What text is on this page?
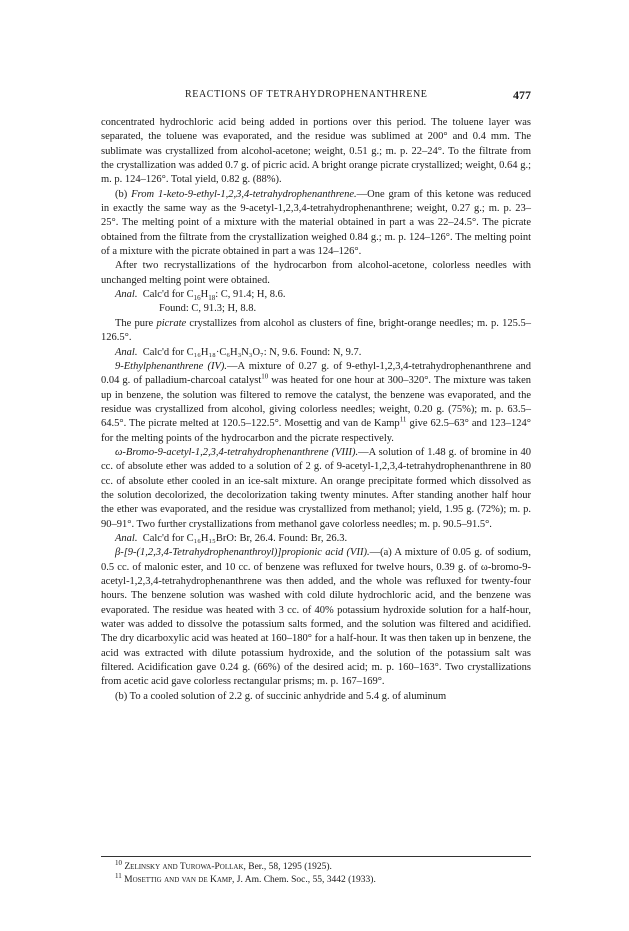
REACTIONS OF TETRAHYDROPHENANTHRENE	477

concentrated hydrochloric acid being added in portions over this period. The toluene layer was separated, the toluene was evaporated, and the residue was sublimed at 200° and 0.4 mm. The sublimate was crystallized from alcohol-acetone; weight, 0.51 g.; m. p. 22–24°. To the filtrate from the crystallization was added 0.7 g. of picric acid. A bright orange picrate crystallized; weight, 0.64 g.; m. p. 124–126°. Total yield, 0.82 g. (88%).

(b) From 1-keto-9-ethyl-1,2,3,4-tetrahydrophenanthrene.—One gram of this ketone was reduced in exactly the same way as the 9-acetyl-1,2,3,4-tetrahydrophenanthrene; weight, 0.27 g.; m. p. 23–25°. The melting point of a mixture with the material obtained in part a was 22–24.5°. The picrate obtained from the filtrate from the crystallization weighed 0.84 g.; m. p. 124–126°. The melting point of a mixture with the picrate obtained in part a was 124–126°.

After two recrystallizations of the hydrocarbon from alcohol-acetone, colorless needles with unchanged melting point were obtained.

Anal. Calc'd for $C_{16}H_{18}$: C, 91.4; H, 8.6.

Found: C, 91.3; H, 8.8.

The pure picrate crystallizes from alcohol as clusters of fine, bright-orange needles; m. p. 125.5–126.5°.

Anal. Calc'd for C₁₆H₁₈·C₆H₃N₃O₇: N, 9.6. Found: N, 9.7.

9-Ethylphenanthrene (IV).—A mixture of 0.27 g. of 9-ethyl-1,2,3,4-tetrahydrophenanthrene and 0.04 g. of palladium-charcoal catalyst$^{10}$ was heated for one hour at 300–320°. The mixture was taken up in benzene, the solution was filtered to remove the catalyst, the benzene was evaporated, and the residue was crystallized from alcohol, giving colorless needles; weight, 0.20 g. (75%); m. p. 63.5–64.5°. The picrate melted at 120.5–122.5°. Mosettig and van de Kamp$^{11}$ give 62.5–63° and 123–124° for the melting points of the hydrocarbon and the picrate respectively.

ω-Bromo-9-acetyl-1,2,3,4-tetrahydrophenanthrene (VIII).—A solution of 1.48 g. of bromine in 40 cc. of absolute ether was added to a solution of 2 g. of 9-acetyl-1,2,3,4-tetrahydrophenanthrene in 80 cc. of absolute ether cooled in an ice-salt mixture. An orange precipitate formed which dissolved as the solution decolorized, the decolorization taking twenty minutes. After standing another half hour the ether was evaporated, and the residue was crystallized from methanol; yield, 1.95 g. (72%); m. p. 90–91°. Two further crystallizations from methanol gave colorless needles; m. p. 90.5–91.5°.

Anal. Calc'd for C₁₆H₁₅BrO: Br, 26.4. Found: Br, 26.3.

β-[9-(1,2,3,4-Tetrahydrophenanthroyl)]propionic acid (VII).—(a) A mixture of 0.05 g. of sodium, 0.5 cc. of malonic ester, and 10 cc. of benzene was refluxed for twelve hours, 0.39 g. of ω-bromo-9-acetyl-1,2,3,4-tetrahydrophenanthrene was then added, and the whole was refluxed for twenty-four hours. The benzene solution was washed with cold dilute hydrochloric acid, and the benzene was evaporated. The residue was heated with 3 cc. of 40% potassium hydroxide solution for a half-hour, water was added to dissolve the potassium salts formed, and the solution was filtered and acidified. The dry dicarboxylic acid was heated at 160–180° for a half-hour. It was then taken up in benzene, the acid was extracted with dilute potassium hydroxide, and the solution of the potassium salt was filtered. Acidification gave 0.24 g. (66%) of the desired acid; m. p. 160–163°. Two crystallizations from acetic acid gave colorless rectangular prisms; m. p. 167–169°.

(b) To a cooled solution of 2.2 g. of succinic anhydride and 5.4 g. of aluminum

$^{10}$ Zelinsky and Turowa-Pollak, Ber., 58, 1295 (1925).

$^{11}$ Mosettig and van de Kamp, J. Am. Chem. Soc., 55, 3442 (1933).
